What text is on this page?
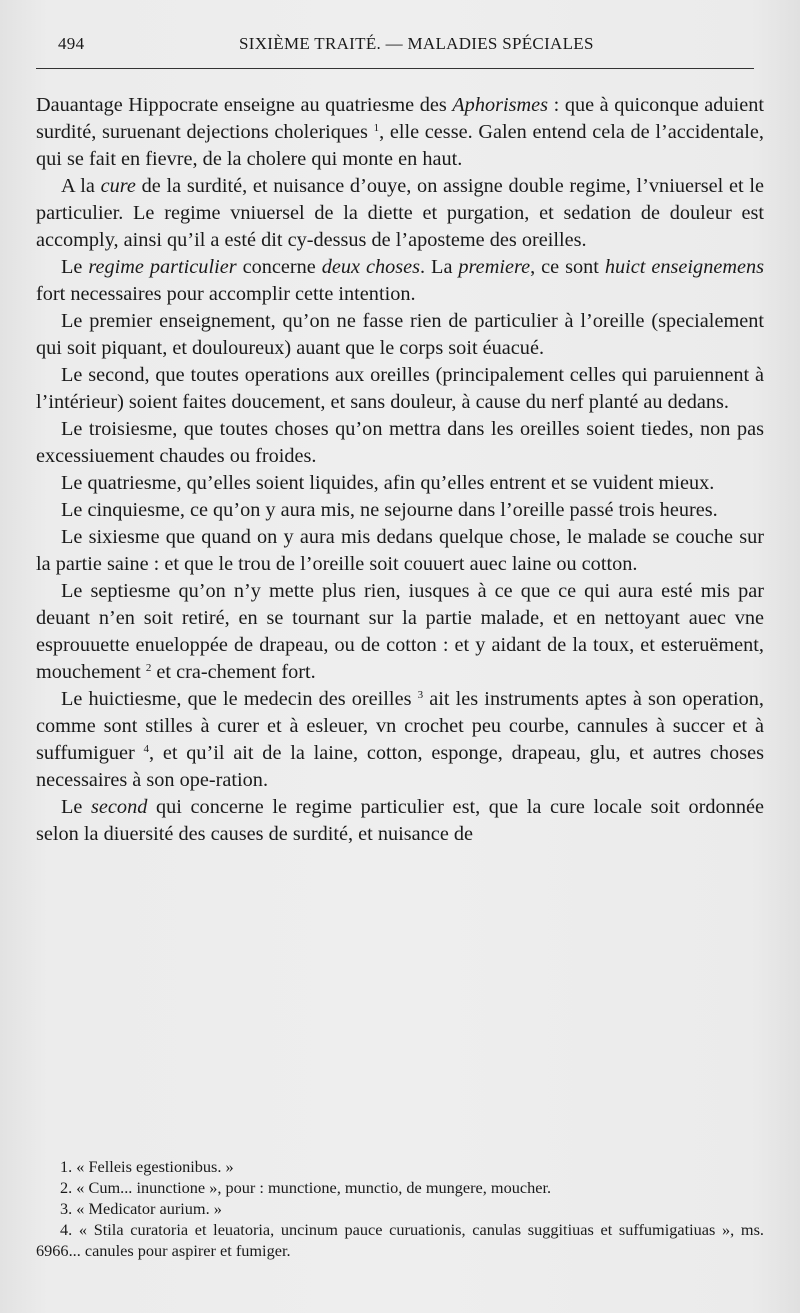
494	SIXIÈME TRAITÉ. — MALADIES SPÉCIALES

Dauantage Hippocrate enseigne au quatriesme des Aphorismes : que à quiconque aduient surdité, suruenant dejections choleriques $^1$, elle cesse. Galen entend cela de l’accidentale, qui se fait en fievre, de la cholere qui monte en haut.

A la cure de la surdité, et nuisance d’ouye, on assigne double regime, l’vniuersel et le particulier. Le regime vniuersel de la diette et purgation, et sedation de douleur est accomply, ainsi qu’il a esté dit cy-dessus de l’aposteme des oreilles.

Le regime particulier concerne deux choses. La premiere, ce sont huict enseignemens fort necessaires pour accomplir cette intention.

Le premier enseignement, qu’on ne fasse rien de particulier à l’oreille (specialement qui soit piquant, et douloureux) auant que le corps soit éuacué.

Le second, que toutes operations aux oreilles (principalement celles qui paruiennent à l’intérieur) soient faites doucement, et sans douleur, à cause du nerf planté au dedans.

Le troisiesme, que toutes choses qu’on mettra dans les oreilles soient tiedes, non pas excessiuement chaudes ou froides.

Le quatriesme, qu’elles soient liquides, afin qu’elles entrent et se vuident mieux.

Le cinquiesme, ce qu’on y aura mis, ne sejourne dans l’oreille passé trois heures.

Le sixiesme que quand on y aura mis dedans quelque chose, le malade se couche sur la partie saine : et que le trou de l’oreille soit couuert auec laine ou cotton.

Le septiesme qu’on n’y mette plus rien, iusques à ce que ce qui aura esté mis par deuant n’en soit retiré, en se tournant sur la partie malade, et en nettoyant auec vne esprouuette enueloppée de drapeau, ou de cotton : et y aidant de la toux, et esteruëment, mouchement $^2$ et cra-chement fort.

Le huictiesme, que le medecin des oreilles $^3$ ait les instruments aptes à son operation, comme sont stilles à curer et à esleuer, vn crochet peu courbe, cannules à succer et à suffumiguer $^4$, et qu’il ait de la laine, cotton, esponge, drapeau, glu, et autres choses necessaires à son ope-ration.

Le second qui concerne le regime particulier est, que la cure locale soit ordonnée selon la diuersité des causes de surdité, et nuisance de

1. « Felleis egestionibus. »

2. « Cum... inunctione », pour : munctione, munctio, de mungere, moucher.

3. « Medicator aurium. »

4. « Stila curatoria et leuatoria, uncinum pauce curuationis, canulas suggitiuas et suffumigatiuas », ms. 6966... canules pour aspirer et fumiger.
